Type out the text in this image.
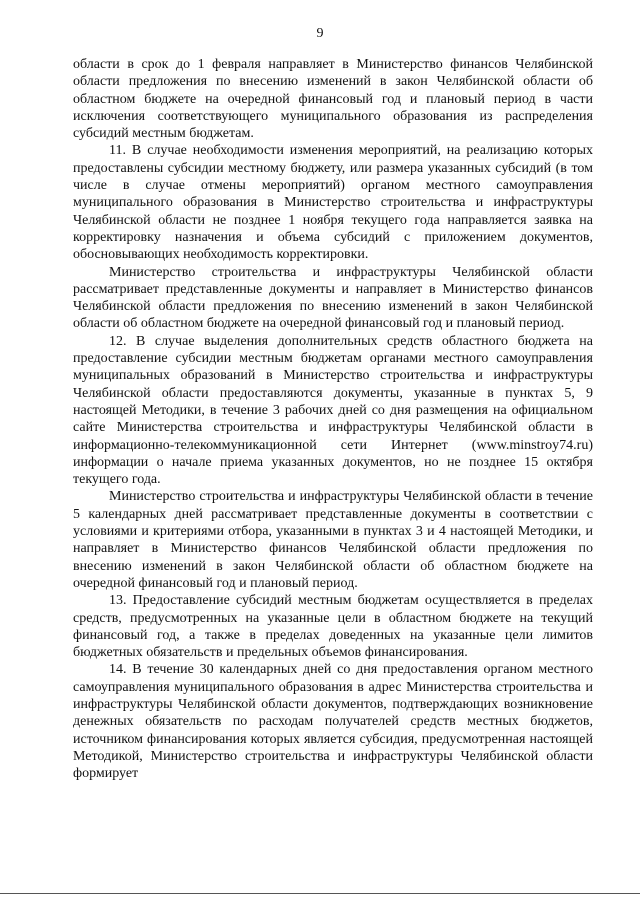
9

области в срок до 1 февраля направляет в Министерство финансов Челябинской области предложения по внесению изменений в закон Челябинской области об областном бюджете на очередной финансовый год и плановый период в части исключения соответствующего муниципального образования из распределения субсидий местным бюджетам.

11. В случае необходимости изменения мероприятий, на реализацию которых предоставлены субсидии местному бюджету, или размера указанных субсидий (в том числе в случае отмены мероприятий) органом местного самоуправления муниципального образования в Министерство строительства и инфраструктуры Челябинской области не позднее 1 ноября текущего года направляется заявка на корректировку назначения и объема субсидий с приложением документов, обосновывающих необходимость корректировки.

Министерство строительства и инфраструктуры Челябинской области рассматривает представленные документы и направляет в Министерство финансов Челябинской области предложения по внесению изменений в закон Челябинской области об областном бюджете на очередной финансовый год и плановый период.

12. В случае выделения дополнительных средств областного бюджета на предоставление субсидии местным бюджетам органами местного самоуправления муниципальных образований в Министерство строительства и инфраструктуры Челябинской области предоставляются документы, указанные в пунктах 5, 9 настоящей Методики, в течение 3 рабочих дней со дня размещения на официальном сайте Министерства строительства и инфраструктуры Челябинской области в информационно-телекоммуникационной сети Интернет (www.minstroy74.ru) информации о начале приема указанных документов, но не позднее 15 октября текущего года.

Министерство строительства и инфраструктуры Челябинской области в течение 5 календарных дней рассматривает представленные документы в соответствии с условиями и критериями отбора, указанными в пунктах 3 и 4 настоящей Методики, и направляет в Министерство финансов Челябинской области предложения по внесению изменений в закон Челябинской области об областном бюджете на очередной финансовый год и плановый период.

13. Предоставление субсидий местным бюджетам осуществляется в пределах средств, предусмотренных на указанные цели в областном бюджете на текущий финансовый год, а также в пределах доведенных на указанные цели лимитов бюджетных обязательств и предельных объемов финансирования.

14. В течение 30 календарных дней со дня предоставления органом местного самоуправления муниципального образования в адрес Министерства строительства и инфраструктуры Челябинской области документов, подтверждающих возникновение денежных обязательств по расходам получателей средств местных бюджетов, источником финансирования которых является субсидия, предусмотренная настоящей Методикой, Министерство строительства и инфраструктуры Челябинской области формирует
